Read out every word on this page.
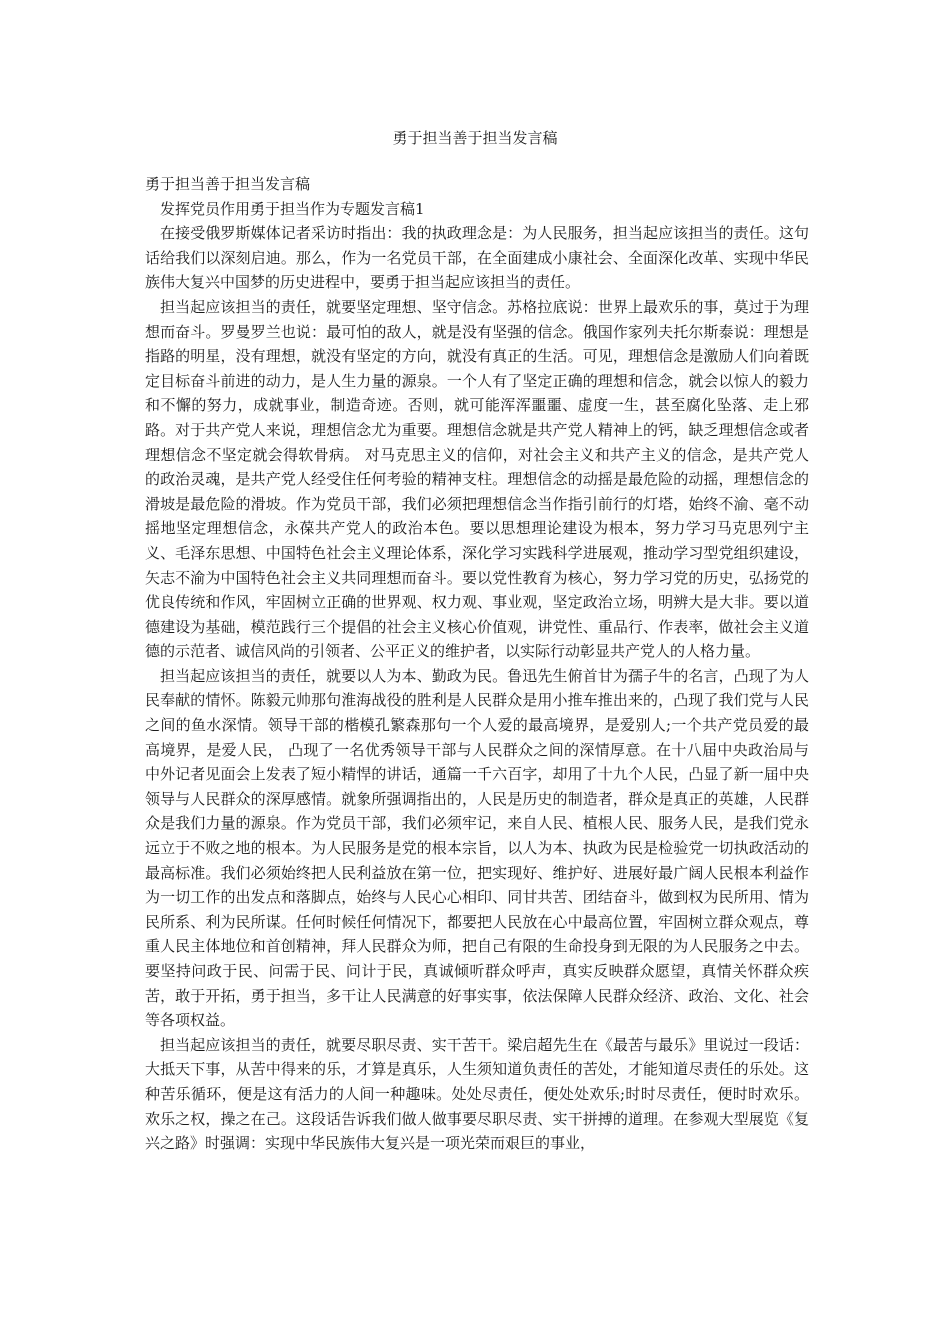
勇于担当善于担当发言稿

勇于担当善于担当发言稿

发挥党员作用勇于担当作为专题发言稿1

在接受俄罗斯媒体记者采访时指出：我的执政理念是：为人民服务，担当起应该担当的责任。这句话给我们以深刻启迪。那么，作为一名党员干部，在全面建成小康社会、全面深化改革、实现中华民族伟大复兴中国梦的历史进程中，要勇于担当起应该担当的责任。

担当起应该担当的责任，就要坚定理想、坚守信念。苏格拉底说：世界上最欢乐的事，莫过于为理想而奋斗。罗曼罗兰也说：最可怕的敌人，就是没有坚强的信念。俄国作家列夫托尔斯泰说：理想是指路的明星，没有理想，就没有坚定的方向，就没有真正的生活。可见，理想信念是激励人们向着既定目标奋斗前进的动力，是人生力量的源泉。一个人有了坚定正确的理想和信念，就会以惊人的毅力和不懈的努力，成就事业，制造奇迹。否则，就可能浑浑噩噩、虚度一生，甚至腐化坠落、走上邪路。对于共产党人来说，理想信念尤为重要。理想信念就是共产党人精神上的钙，缺乏理想信念或者理想信念不坚定就会得软骨病。 对马克思主义的信仰，对社会主义和共产主义的信念，是共产党人的政治灵魂，是共产党人经受住任何考验的精神支柱。理想信念的动摇是最危险的动摇，理想信念的滑坡是最危险的滑坡。作为党员干部，我们必须把理想信念当作指引前行的灯塔，始终不渝、毫不动摇地坚定理想信念，永葆共产党人的政治本色。要以思想理论建设为根本，努力学习马克思列宁主义、毛泽东思想、中国特色社会主义理论体系，深化学习实践科学进展观，推动学习型党组织建设，矢志不渝为中国特色社会主义共同理想而奋斗。要以党性教育为核心，努力学习党的历史，弘扬党的优良传统和作风，牢固树立正确的世界观、权力观、事业观，坚定政治立场，明辨大是大非。要以道德建设为基础，模范践行三个提倡的社会主义核心价值观，讲党性、重品行、作表率，做社会主义道德的示范者、诚信风尚的引领者、公平正义的维护者，以实际行动彰显共产党人的人格力量。

担当起应该担当的责任，就要以人为本、勤政为民。鲁迅先生俯首甘为孺子牛的名言，凸现了为人民奉献的情怀。陈毅元帅那句淮海战役的胜利是人民群众是用小推车推出来的，凸现了我们党与人民之间的鱼水深情。领导干部的楷模孔繁森那句一个人爱的最高境界，是爱别人;一个共产党员爱的最高境界，是爱人民， 凸现了一名优秀领导干部与人民群众之间的深情厚意。在十八届中央政治局与中外记者见面会上发表了短小精悍的讲话，通篇一千六百字，却用了十九个人民，凸显了新一届中央领导与人民群众的深厚感情。就象所强调指出的，人民是历史的制造者，群众是真正的英雄，人民群众是我们力量的源泉。作为党员干部，我们必须牢记，来自人民、植根人民、服务人民，是我们党永远立于不败之地的根本。为人民服务是党的根本宗旨，以人为本、执政为民是检验党一切执政活动的最高标准。我们必须始终把人民利益放在第一位，把实现好、维护好、进展好最广阔人民根本利益作为一切工作的出发点和落脚点，始终与人民心心相印、同甘共苦、团结奋斗，做到权为民所用、情为民所系、利为民所谋。任何时候任何情况下，都要把人民放在心中最高位置，牢固树立群众观点，尊重人民主体地位和首创精神，拜人民群众为师，把自己有限的生命投身到无限的为人民服务之中去。要坚持问政于民、问需于民、问计于民，真诚倾听群众呼声，真实反映群众愿望，真情关怀群众疾苦，敢于开拓，勇于担当，多干让人民满意的好事实事，依法保障人民群众经济、政治、文化、社会等各项权益。

担当起应该担当的责任，就要尽职尽责、实干苦干。梁启超先生在《最苦与最乐》里说过一段话：大抵天下事，从苦中得来的乐，才算是真乐，人生须知道负责任的苦处，才能知道尽责任的乐处。这种苦乐循环，便是这有活力的人间一种趣味。处处尽责任，便处处欢乐;时时尽责任，便时时欢乐。欢乐之权，操之在己。这段话告诉我们做人做事要尽职尽责、实干拼搏的道理。在参观大型展览《复兴之路》时强调：实现中华民族伟大复兴是一项光荣而艰巨的事业，
